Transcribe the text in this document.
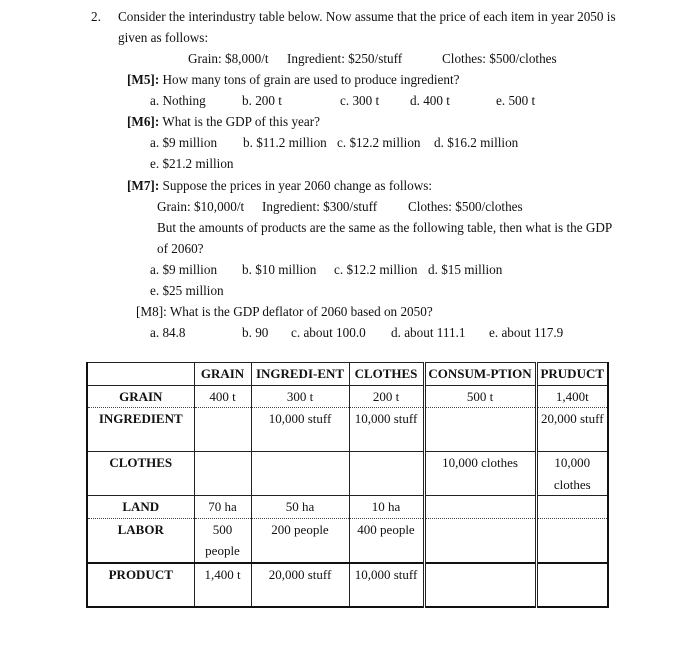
2. Consider the interindustry table below. Now assume that the price of each item in year 2050 is
given as follows:
Grain: $8,000/t Ingredient: $250/stuff	Clothes: $500/clothes
[M5]: How many tons of grain are used to produce ingredient?
a. Nothing	b. 200 t	c. 300 t d. 400 t	e. 500 t
[M6]: What is the GDP of this year?
a. $9 million b. $11.2 million c. $12.2 million d. $16.2 million
e. $21.2 million
[M7]: Suppose the prices in year 2060 change as follows:
Grain: $10,000/t Ingredient: $300/stuff Clothes: $500/clothes
But the amounts of products are the same as the following table, then what is the GDP
of 2060?
a. $9 million b. $10 million c. $12.2 million d. $15 million
e. $25 million
[M8]: What is the GDP deflator of 2060 based on 2050?
a. 84.8	b. 90 c. about 100.0 d. about 111.1 e. about 117.9
	GRAIN	INGREDI-ENT	CLOTHES	CONSUM-PTION	PRUDUCT
GRAIN	400 t	300 t	200 t	500 t	1,400t
INGREDIENT		10,000 stuff	10,000 stuff		20,000 stuff
CLOTHES				10,000 clothes	10,000 clothes
LAND	70 ha	50 ha	10 ha		
LABOR	500 people	200 people	400 people		
PRODUCT	1,400 t	20,000 stuff	10,000 stuff		
